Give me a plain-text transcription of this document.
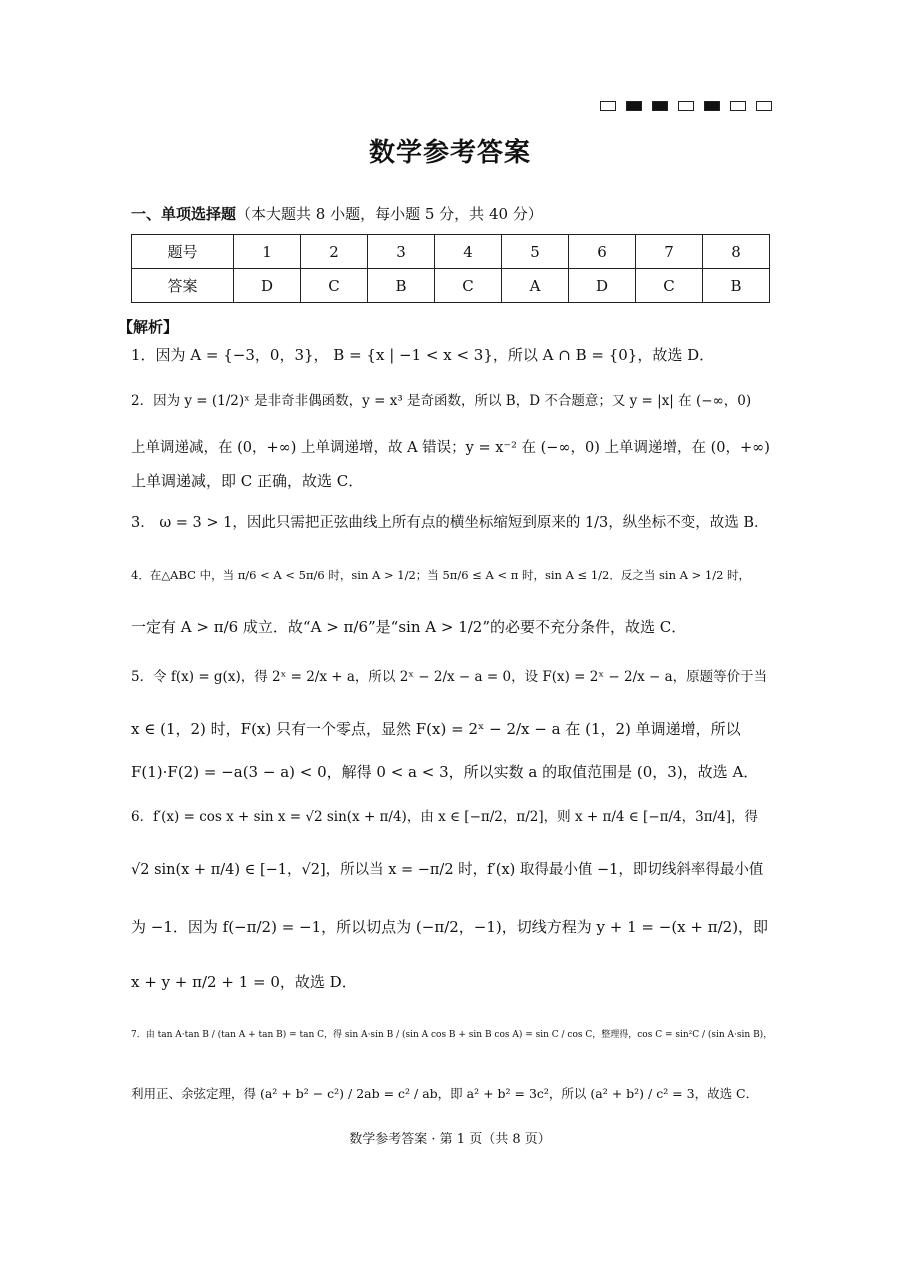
数学参考答案
一、单项选择题（本大题共 8 小题，每小题 5 分，共 40 分）
题号	1	2	3	4	5	6	7	8
答案	D	C	B	C	A	D	C	B
【解析】
1．因为 A = {−3，0，3}， B = {x | −1 < x < 3}，所以 A ∩ B = {0}，故选 D．
2．因为 y = (1/2)ˣ 是非奇非偶函数，y = x³ 是奇函数，所以 B，D 不合题意；又 y = |x| 在 (−∞，0)
上单调递减，在 (0，+∞) 上单调递增，故 A 错误；y = x⁻² 在 (−∞，0) 上单调递增，在 (0，+∞)
上单调递减，即 C 正确，故选 C．
3． ω = 3 > 1，因此只需把正弦曲线上所有点的横坐标缩短到原来的 1/3，纵坐标不变，故选 B．
4．在△ABC 中，当 π/6 < A < 5π/6 时，sin A > 1/2；当 5π/6 ≤ A < π 时，sin A ≤ 1/2．反之当 sin A > 1/2 时，
一定有 A > π/6 成立．故“A > π/6”是“sin A > 1/2”的必要不充分条件，故选 C．
5．令 f(x) = g(x)，得 2ˣ = 2/x + a，所以 2ˣ − 2/x − a = 0，设 F(x) = 2ˣ − 2/x − a，原题等价于当
x ∈ (1，2) 时，F(x) 只有一个零点，显然 F(x) = 2ˣ − 2/x − a 在 (1，2) 单调递增，所以
F(1)·F(2) = −a(3 − a) < 0，解得 0 < a < 3，所以实数 a 的取值范围是 (0，3)，故选 A．
6．f′(x) = cos x + sin x = √2 sin(x + π/4)，由 x ∈ [−π/2，π/2]，则 x + π/4 ∈ [−π/4，3π/4]，得
√2 sin(x + π/4) ∈ [−1，√2]，所以当 x = −π/2 时，f′(x) 取得最小值 −1，即切线斜率得最小值
为 −1．因为 f(−π/2) = −1，所以切点为 (−π/2，−1)，切线方程为 y + 1 = −(x + π/2)，即
x + y + π/2 + 1 = 0，故选 D．
7．由 tan A·tan B / (tan A + tan B) = tan C，得 sin A·sin B / (sin A cos B + sin B cos A) = sin C / cos C，整理得，cos C = sin²C / (sin A·sin B)，
利用正、余弦定理，得 (a² + b² − c²) / 2ab = c² / ab，即 a² + b² = 3c²，所以 (a² + b²) / c² = 3，故选 C．
数学参考答案 · 第 1 页（共 8 页）
